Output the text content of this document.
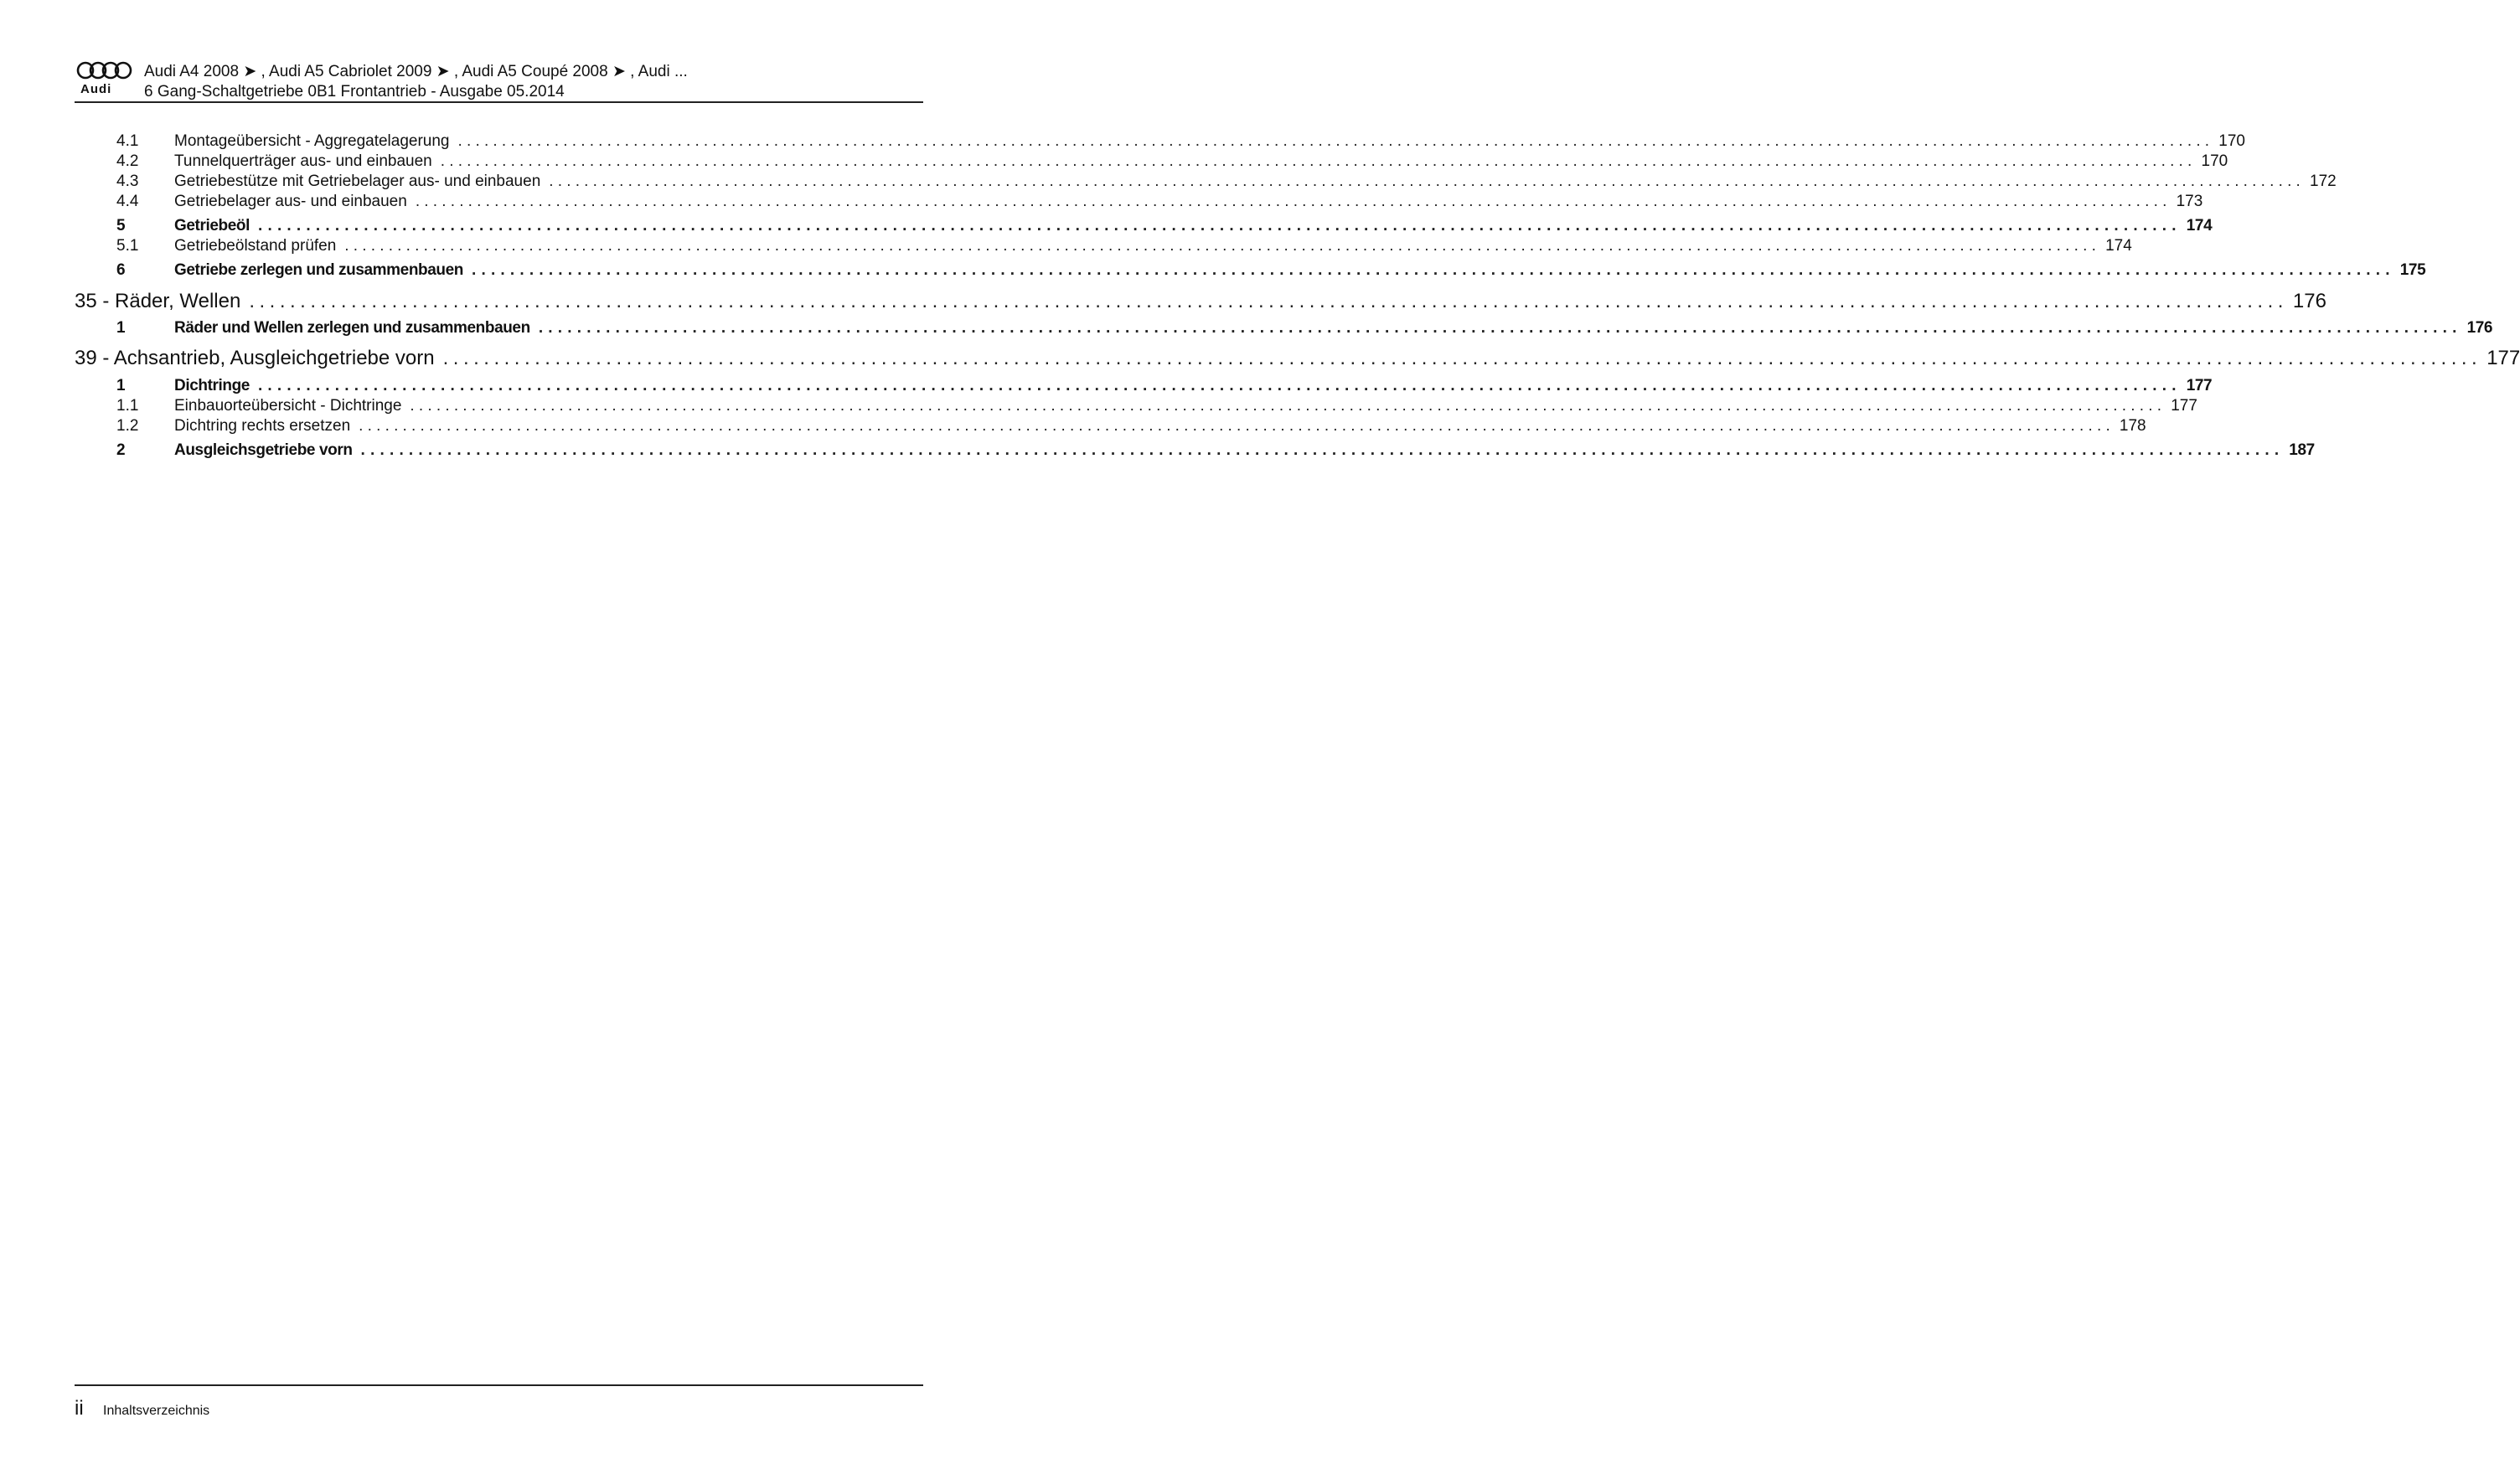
Audi
Audi A4 2008 ➤ , Audi A5 Cabriolet 2009 ➤ , Audi A5 Coupé 2008 ➤ , Audi ...
6 Gang-Schaltgetriebe 0B1 Frontantrieb - Ausgabe 05.2014
4.1 Montageübersicht - Aggregatelagerung ........................................................................................................................................................................................................ 170
4.2 Tunnelquerträger aus- und einbauen ........................................................................................................................................................................................................ 170
4.3 Getriebestütze mit Getriebelager aus- und einbauen ........................................................................................................................................................................................................ 172
4.4 Getriebelager aus- und einbauen ........................................................................................................................................................................................................ 173
5	Getriebeöl ........................................................................................................................................................................................................ 174
5.1 Getriebeölstand prüfen ........................................................................................................................................................................................................ 174
6	Getriebe zerlegen und zusammenbauen ........................................................................................................................................................................................................ 175
35 - Räder, Wellen ........................................................................................................................................................................................................ 176
1	Räder und Wellen zerlegen und zusammenbauen ........................................................................................................................................................................................................ 176
39 - Achsantrieb, Ausgleichgetriebe vorn ........................................................................................................................................................................................................ 177
1	Dichtringe ........................................................................................................................................................................................................ 177
1.1 Einbauorteübersicht - Dichtringe ........................................................................................................................................................................................................ 177
1.2 Dichtring rechts ersetzen ........................................................................................................................................................................................................ 178
2	Ausgleichsgetriebe vorn ........................................................................................................................................................................................................ 187
ii Inhaltsverzeichnis
